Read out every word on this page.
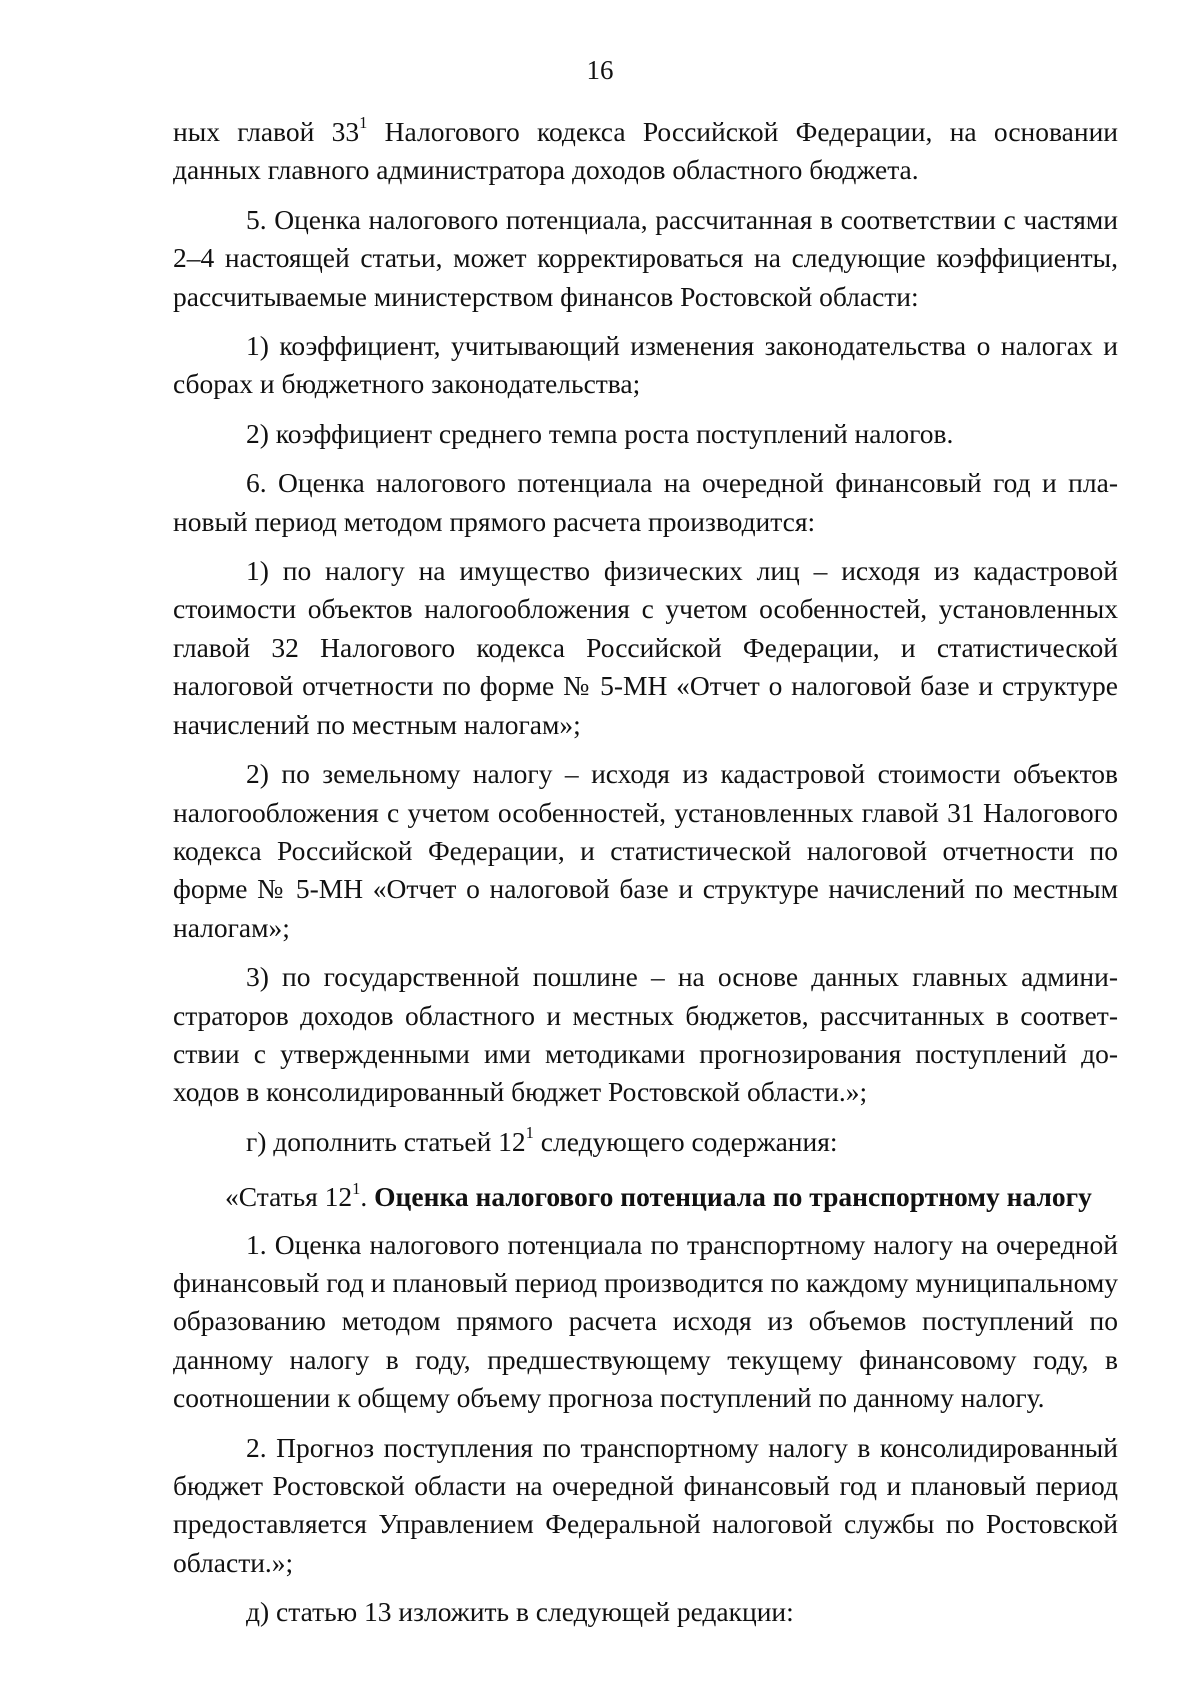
16

ных главой $33^1$ Налогового кодекса Российской Федерации, на основании данных главного администратора доходов областного бюджета.

5. Оценка налогового потенциала, рассчитанная в соответствии с частями 2–4 настоящей статьи, может корректироваться на следующие коэффициенты, рассчитываемые министерством финансов Ростовской области:

1) коэффициент, учитывающий изменения законодательства о налогах и сборах и бюджетного законодательства;

2) коэффициент среднего темпа роста поступлений налогов.

6. Оценка налогового потенциала на очередной финансовый год и плановый период методом прямого расчета производится:

1) по налогу на имущество физических лиц – исходя из кадастровой стоимости объектов налогообложения с учетом особенностей, установленных главой 32 Налогового кодекса Российской Федерации, и статистической налоговой отчетности по форме № 5-МН «Отчет о налоговой базе и структуре начислений по местным налогам»;

2) по земельному налогу – исходя из кадастровой стоимости объектов налогообложения с учетом особенностей, установленных главой 31 Налогового кодекса Российской Федерации, и статистической налоговой отчетности по форме № 5-МН «Отчет о налоговой базе и структуре начислений по местным налогам»;

3) по государственной пошлине – на основе данных главных администраторов доходов областного и местных бюджетов, рассчитанных в соответствии с утвержденными ими методиками прогнозирования поступлений доходов в консолидированный бюджет Ростовской области.»;

г) дополнить статьей $12^1$ следующего содержания:

«Статья $12^1$. Оценка налогового потенциала по транспортному налогу

1. Оценка налогового потенциала по транспортному налогу на очередной финансовый год и плановый период производится по каждому муниципальному образованию методом прямого расчета исходя из объемов поступлений по данному налогу в году, предшествующему текущему финансовому году, в соотношении к общему объему прогноза поступлений по данному налогу.

2. Прогноз поступления по транспортному налогу в консолидированный бюджет Ростовской области на очередной финансовый год и плановый период предоставляется Управлением Федеральной налоговой службы по Ростовской области.»;

д) статью 13 изложить в следующей редакции:
